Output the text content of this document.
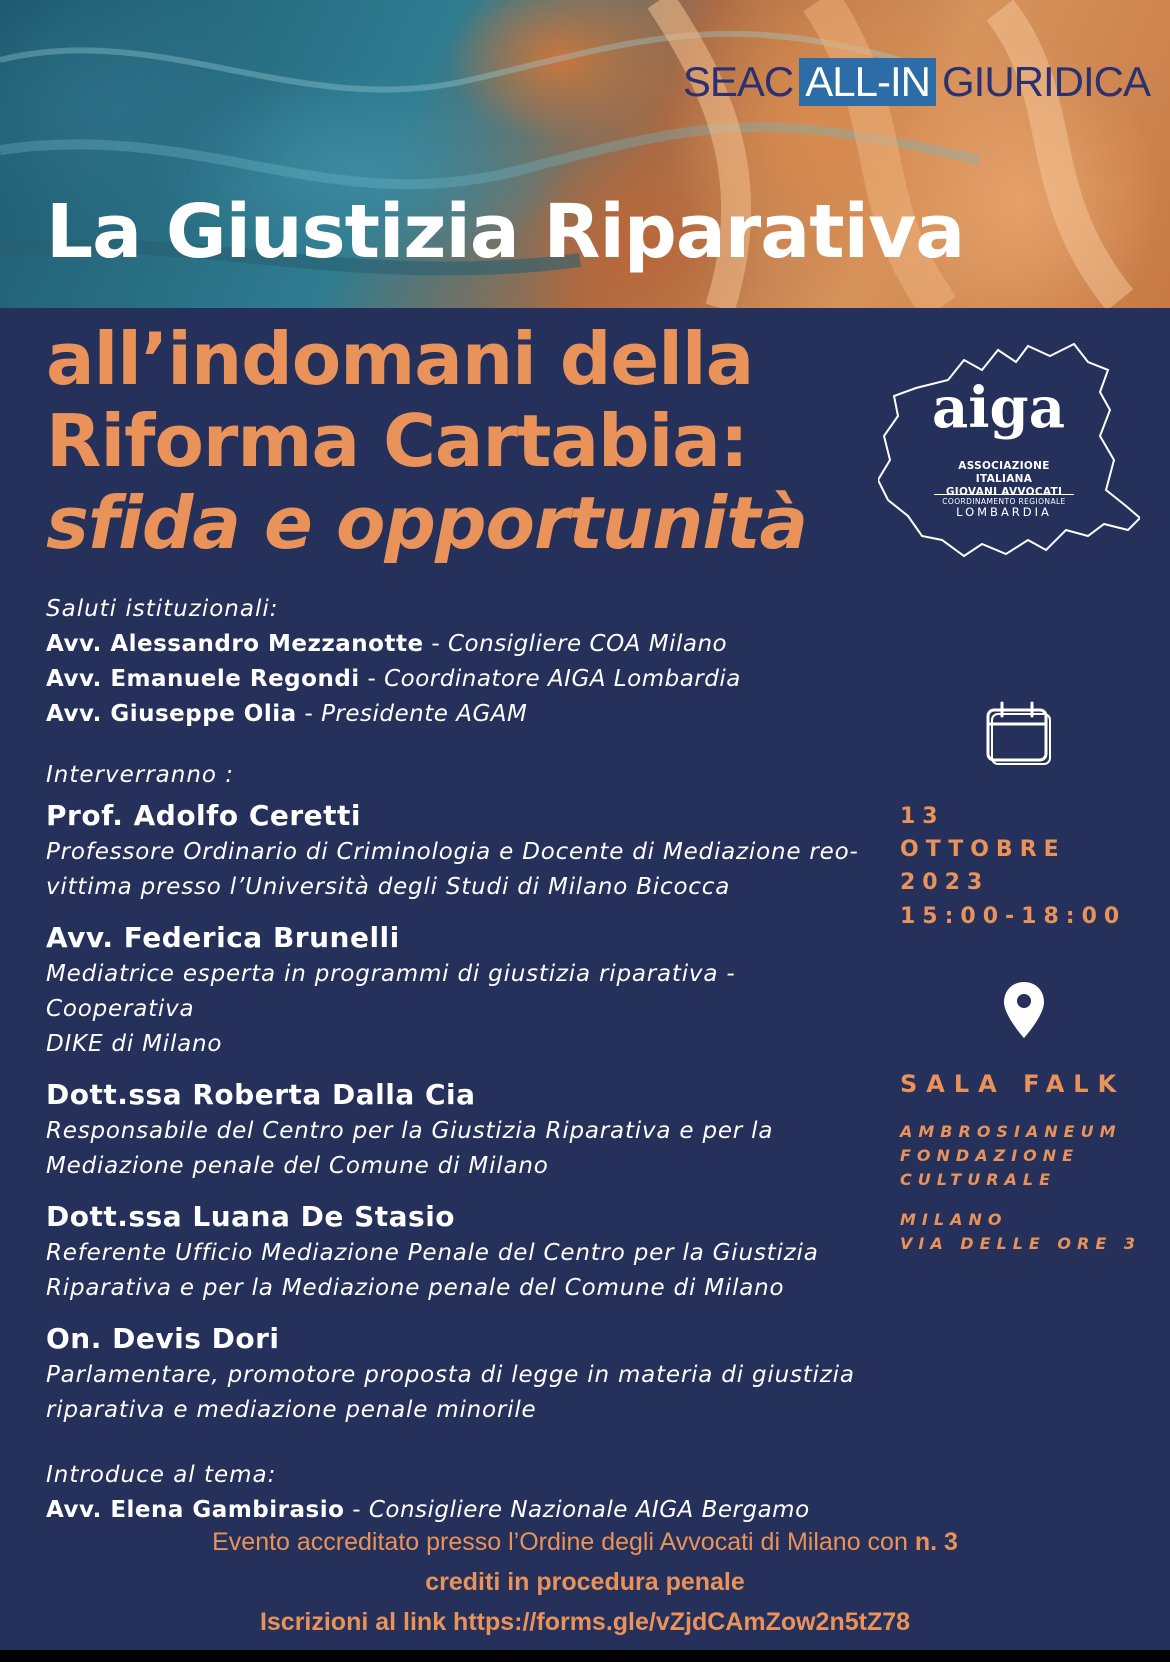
SEAC ALL-IN GIURIDICA
La Giustizia Riparativa
all’indomani della
Riforma Cartabia:
sfida e opportunità
aiga
ASSOCIAZIONE ITALIANA
GIOVANI AVVOCATI
COORDINAMENTO REGIONALE
LOMBARDIA
Saluti istituzionali:
Avv. Alessandro Mezzanotte - Consigliere COA Milano
Avv. Emanuele Regondi - Coordinatore AIGA Lombardia
Avv. Giuseppe Olia - Presidente AGAM
Interverranno :
Prof. Adolfo Ceretti
Professore Ordinario di Criminologia e Docente di Mediazione reo-
vittima presso l’Università degli Studi di Milano Bicocca
Avv. Federica Brunelli
Mediatrice esperta in programmi di giustizia riparativa - Cooperativa
DIKE di Milano
Dott.ssa Roberta Dalla Cia
Responsabile del Centro per la Giustizia Riparativa e per la
Mediazione penale del Comune di Milano
Dott.ssa Luana De Stasio
Referente Ufficio Mediazione Penale del Centro per la Giustizia
Riparativa e per la Mediazione penale del Comune di Milano
On. Devis Dori
Parlamentare, promotore proposta di legge in materia di giustizia
riparativa e mediazione penale minorile
Introduce al tema:
Avv. Elena Gambirasio - Consigliere Nazionale AIGA Bergamo
13
OTTOBRE
2023
15:00-18:00
SALA FALK
AMBROSIANEUM
FONDAZIONE
CULTURALE
MILANO
VIA DELLE ORE 3
Evento accreditato presso l’Ordine degli Avvocati di Milano con n. 3
crediti in procedura penale
Iscrizioni al link https://forms.gle/vZjdCAmZow2n5tZ78
